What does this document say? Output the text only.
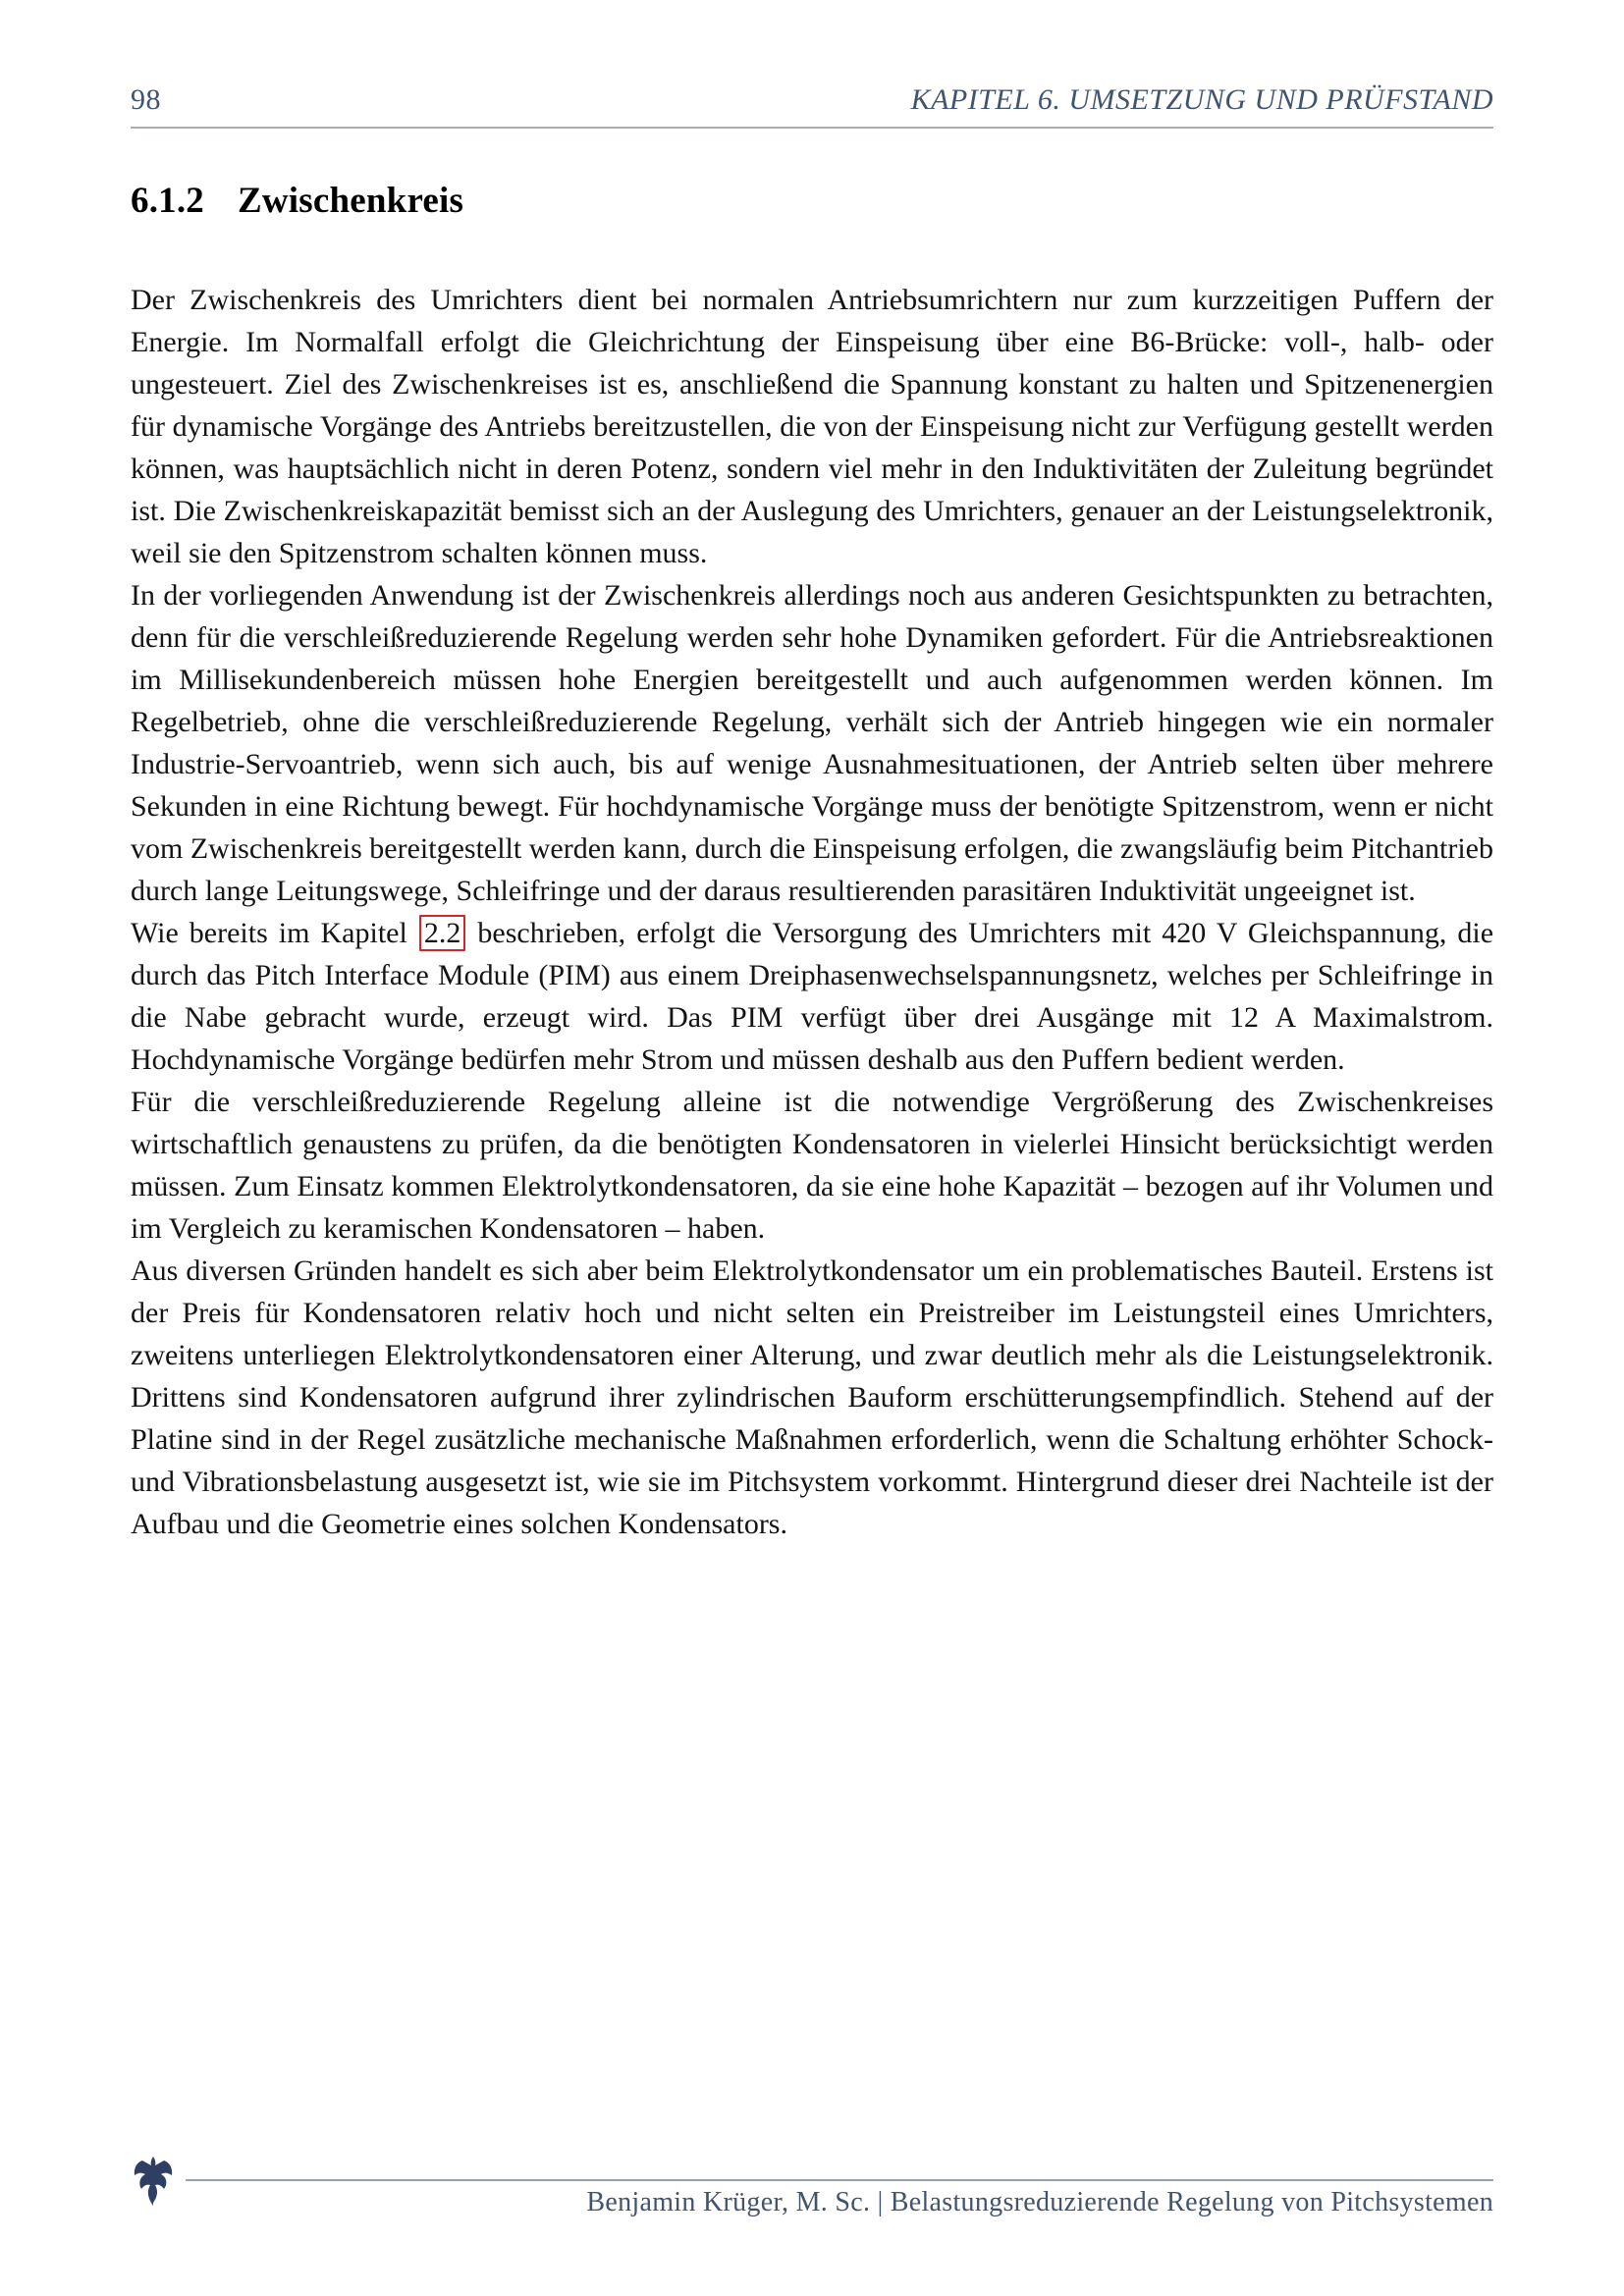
98	KAPITEL 6. UMSETZUNG UND PRÜFSTAND
6.1.2 Zwischenkreis

Der Zwischenkreis des Umrichters dient bei normalen Antriebsumrichtern nur zum kurzzeitigen Puffern der Energie. Im Normalfall erfolgt die Gleichrichtung der Einspeisung über eine B6-Brücke: voll-, halb- oder ungesteuert. Ziel des Zwischenkreises ist es, anschließend die Spannung konstant zu halten und Spitzenenergien für dynamische Vorgänge des Antriebs bereitzustellen, die von der Einspeisung nicht zur Verfügung gestellt werden können, was hauptsächlich nicht in deren Potenz, sondern viel mehr in den Induktivitäten der Zuleitung begründet ist. Die Zwischenkreiskapazität bemisst sich an der Auslegung des Umrichters, genauer an der Leistungselektronik, weil sie den Spitzenstrom schalten können muss.

In der vorliegenden Anwendung ist der Zwischenkreis allerdings noch aus anderen Gesichtspunkten zu betrachten, denn für die verschleißreduzierende Regelung werden sehr hohe Dynamiken gefordert. Für die Antriebsreaktionen im Millisekundenbereich müssen hohe Energien bereitgestellt und auch aufgenommen werden können. Im Regelbetrieb, ohne die verschleißreduzierende Regelung, verhält sich der Antrieb hingegen wie ein normaler Industrie-Servoantrieb, wenn sich auch, bis auf wenige Ausnahmesituationen, der Antrieb selten über mehrere Sekunden in eine Richtung bewegt. Für hochdynamische Vorgänge muss der benötigte Spitzenstrom, wenn er nicht vom Zwischenkreis bereitgestellt werden kann, durch die Einspeisung erfolgen, die zwangsläufig beim Pitchantrieb durch lange Leitungswege, Schleifringe und der daraus resultierenden parasitären Induktivität ungeeignet ist.

Wie bereits im Kapitel 2.2 beschrieben, erfolgt die Versorgung des Umrichters mit 420 V Gleichspannung, die durch das Pitch Interface Module (PIM) aus einem Dreiphasenwechselspannungsnetz, welches per Schleifringe in die Nabe gebracht wurde, erzeugt wird. Das PIM verfügt über drei Ausgänge mit 12 A Maximalstrom. Hochdynamische Vorgänge bedürfen mehr Strom und müssen deshalb aus den Puffern bedient werden.

Für die verschleißreduzierende Regelung alleine ist die notwendige Vergrößerung des Zwischenkreises wirtschaftlich genaustens zu prüfen, da die benötigten Kondensatoren in vielerlei Hinsicht berücksichtigt werden müssen. Zum Einsatz kommen Elektrolytkondensatoren, da sie eine hohe Kapazität – bezogen auf ihr Volumen und im Vergleich zu keramischen Kondensatoren – haben.

Aus diversen Gründen handelt es sich aber beim Elektrolytkondensator um ein problematisches Bauteil. Erstens ist der Preis für Kondensatoren relativ hoch und nicht selten ein Preistreiber im Leistungsteil eines Umrichters, zweitens unterliegen Elektrolytkondensatoren einer Alterung, und zwar deutlich mehr als die Leistungselektronik. Drittens sind Kondensatoren aufgrund ihrer zylindrischen Bauform erschütterungsempfindlich. Stehend auf der Platine sind in der Regel zusätzliche mechanische Maßnahmen erforderlich, wenn die Schaltung erhöhter Schock- und Vibrationsbelastung ausgesetzt ist, wie sie im Pitchsystem vorkommt. Hintergrund dieser drei Nachteile ist der Aufbau und die Geometrie eines solchen Kondensators.

Benjamin Krüger, M. Sc. | Belastungsreduzierende Regelung von Pitchsystemen
